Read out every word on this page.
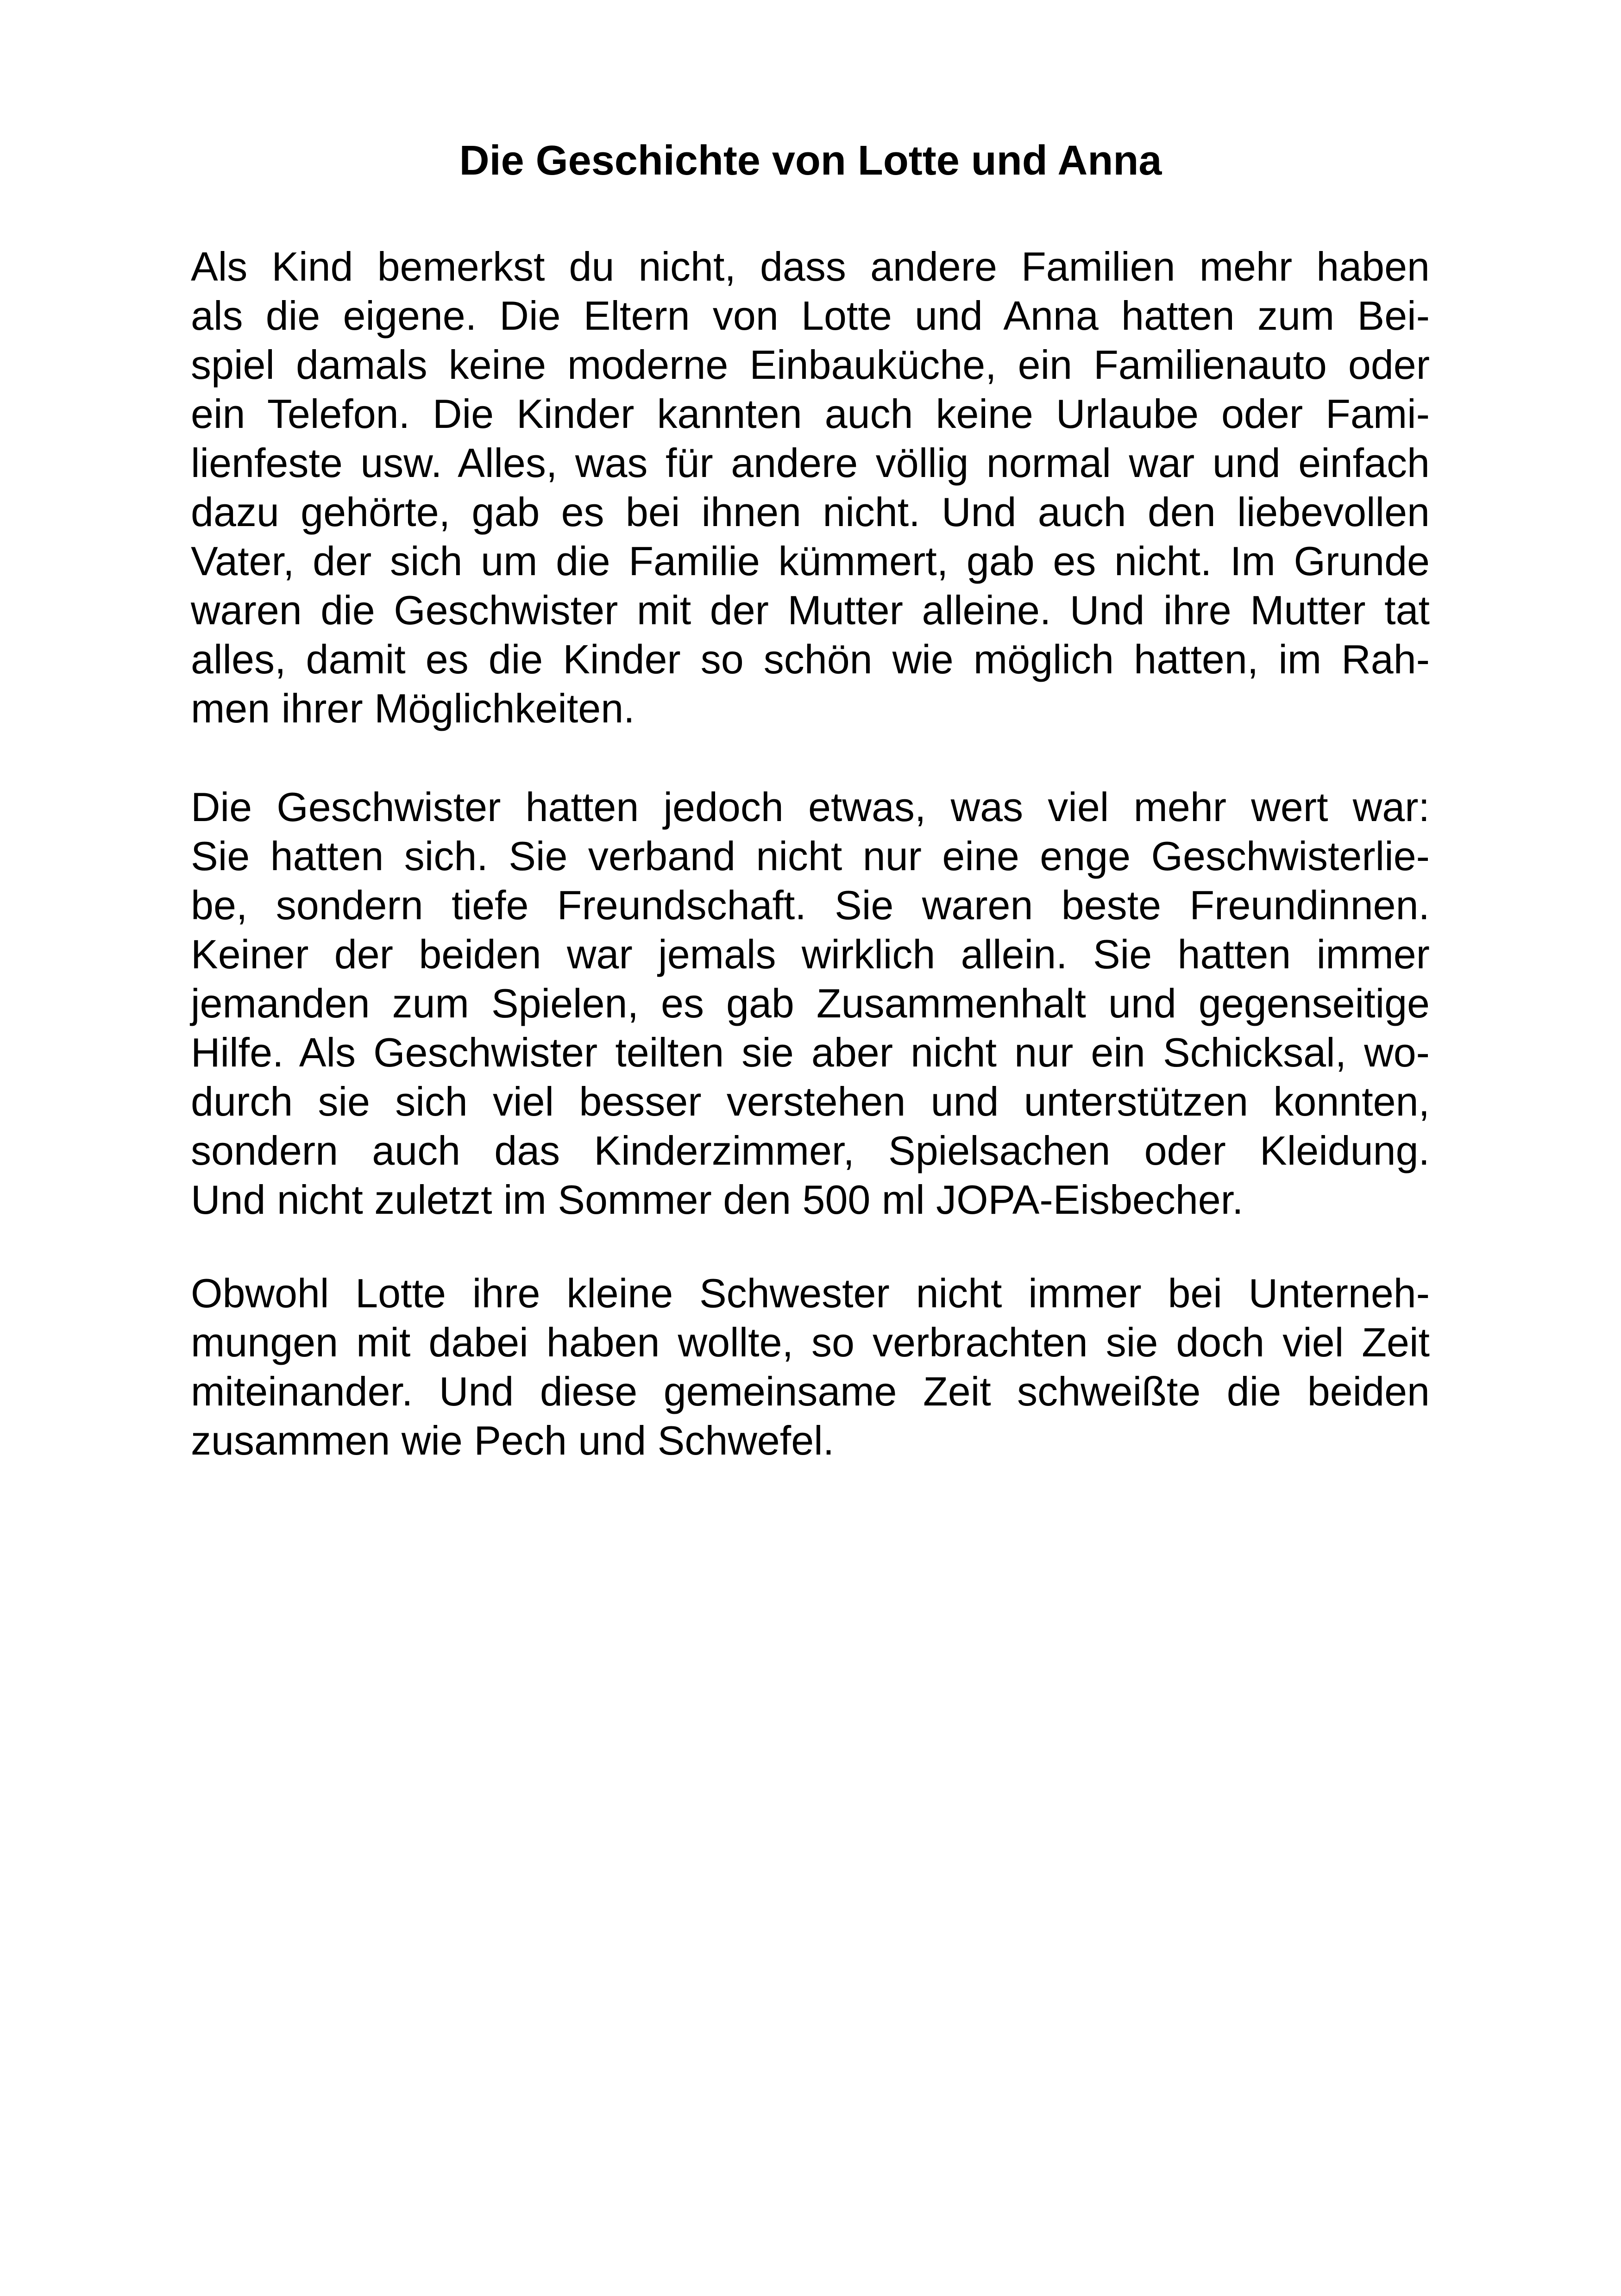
Die Geschichte von Lotte und Anna
Als Kind bemerkst du nicht, dass andere Familien mehr haben
als die eigene. Die Eltern von Lotte und Anna hatten zum Bei-
spiel damals keine moderne Einbauküche, ein Familienauto oder
ein Telefon. Die Kinder kannten auch keine Urlaube oder Fami-
lienfeste usw. Alles, was für andere völlig normal war und einfach
dazu gehörte, gab es bei ihnen nicht. Und auch den liebevollen
Vater, der sich um die Familie kümmert, gab es nicht. Im Grunde
waren die Geschwister mit der Mutter alleine. Und ihre Mutter tat
alles, damit es die Kinder so schön wie möglich hatten, im Rah-
men ihrer Möglichkeiten.
Die Geschwister hatten jedoch etwas, was viel mehr wert war:
Sie hatten sich. Sie verband nicht nur eine enge Geschwisterlie-
be, sondern tiefe Freundschaft. Sie waren beste Freundinnen.
Keiner der beiden war jemals wirklich allein. Sie hatten immer
jemanden zum Spielen, es gab Zusammenhalt und gegenseitige
Hilfe. Als Geschwister teilten sie aber nicht nur ein Schicksal, wo-
durch sie sich viel besser verstehen und unterstützen konnten,
sondern auch das Kinderzimmer, Spielsachen oder Kleidung.
Und nicht zuletzt im Sommer den 500 ml JOPA-Eisbecher.
Obwohl Lotte ihre kleine Schwester nicht immer bei Unterneh-
mungen mit dabei haben wollte, so verbrachten sie doch viel Zeit
miteinander. Und diese gemeinsame Zeit schweißte die beiden
zusammen wie Pech und Schwefel.
